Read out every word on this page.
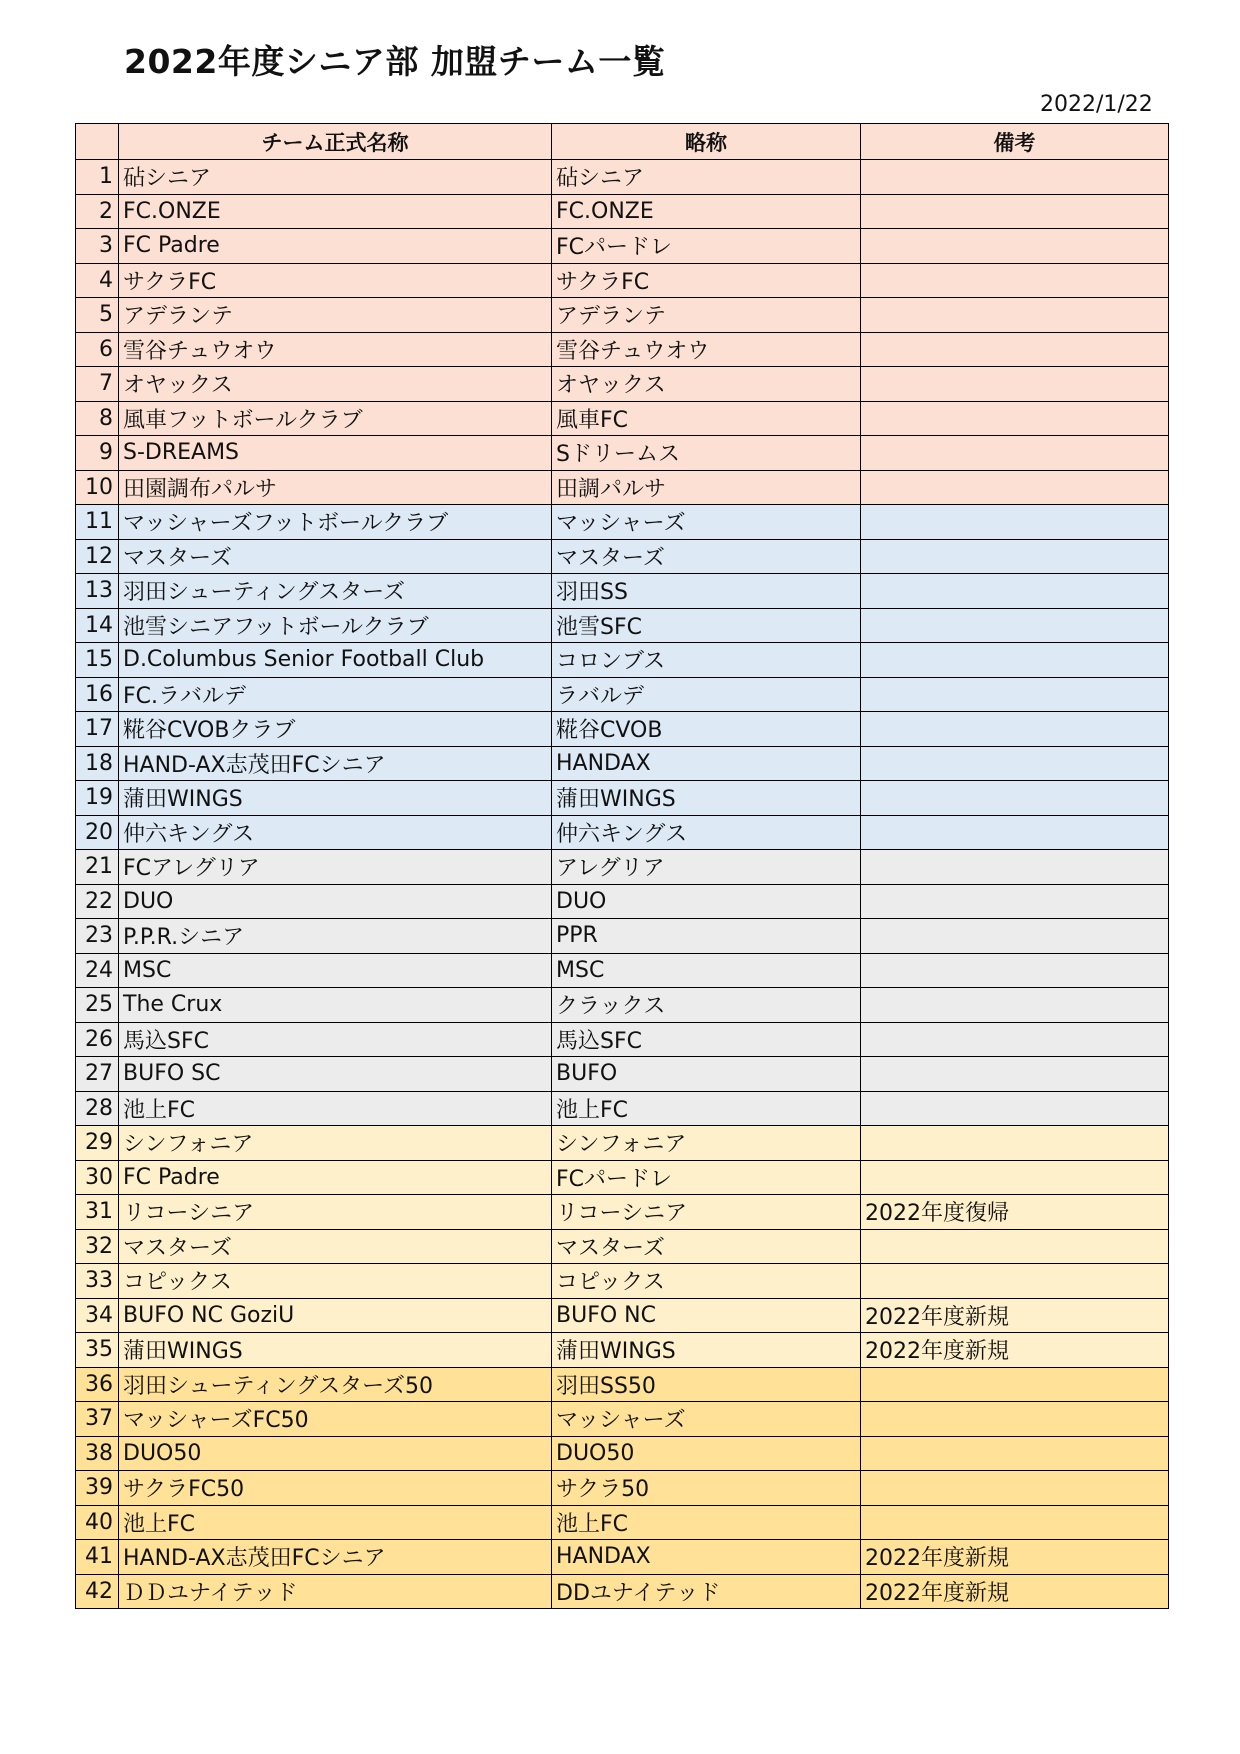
2022年度シニア部 加盟チーム一覧
2022/1/22
	チーム正式名称	略称	備考
1	砧シニア	砧シニア	
2	FC.ONZE	FC.ONZE	
3	FC Padre	FCパードレ	
4	サクラFC	サクラFC	
5	アデランテ	アデランテ	
6	雪谷チュウオウ	雪谷チュウオウ	
7	オヤックス	オヤックス	
8	風車フットボールクラブ	風車FC	
9	S-DREAMS	Sドリームス	
10	田園調布パルサ	田調パルサ	
11	マッシャーズフットボールクラブ	マッシャーズ	
12	マスターズ	マスターズ	
13	羽田シューティングスターズ	羽田SS	
14	池雪シニアフットボールクラブ	池雪SFC	
15	D.Columbus Senior Football Club	コロンブス	
16	FC.ラバルデ	ラバルデ	
17	糀谷CVOBクラブ	糀谷CVOB	
18	HAND-AX志茂田FCシニア	HANDAX	
19	蒲田WINGS	蒲田WINGS	
20	仲六キングス	仲六キングス	
21	FCアレグリア	アレグリア	
22	DUO	DUO	
23	P.P.R.シニア	PPR	
24	MSC	MSC	
25	The Crux	クラックス	
26	馬込SFC	馬込SFC	
27	BUFO SC	BUFO	
28	池上FC	池上FC	
29	シンフォニア	シンフォニア	
30	FC Padre	FCパードレ	
31	リコーシニア	リコーシニア	2022年度復帰
32	マスターズ	マスターズ	
33	コピックス	コピックス	
34	BUFO NC GoziU	BUFO NC	2022年度新規
35	蒲田WINGS	蒲田WINGS	2022年度新規
36	羽田シューティングスターズ50	羽田SS50	
37	マッシャーズFC50	マッシャーズ	
38	DUO50	DUO50	
39	サクラFC50	サクラ50	
40	池上FC	池上FC	
41	HAND-AX志茂田FCシニア	HANDAX	2022年度新規
42	ＤＤユナイテッド	DDユナイテッド	2022年度新規
